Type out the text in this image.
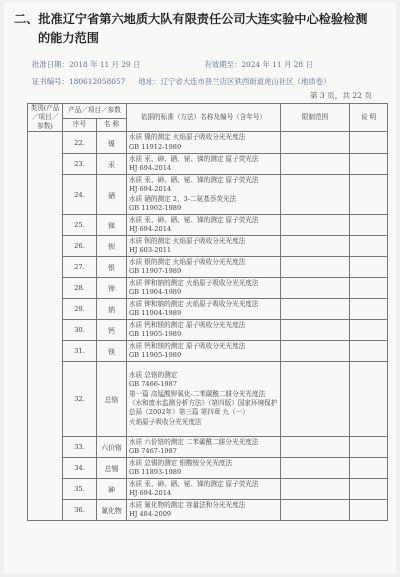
二、批准辽宁省第六地质大队有限责任公司大连实验中心检验检测
的能力范围
批准日期：2018 年 11 月 29 日	有效期至：2024 年 11 月 28 日
证书编号：180612058057 地址：辽宁省大连市普兰店区铁西街道虎山社区（地质卷）
第 3 页，共 22 页
类别(产品／项目／参数)	产品／项目／参数		依据的标准（方法）名称及编号（含年号）	限制范围	说 明
	序号	名 称			
	22.	镍	水质 镍的测定 火焰原子吸收分光光度法
GB 11912-1989		

	23.	汞	水质 汞、砷、硒、铋、锑的测定 原子荧光法
HJ 694-2014		

	24.	硒	水质 汞、砷、硒、铋、锑的测定 原子荧光法
HJ 694-2014
水质 硒的测定 2，3-二氨基萘荧光法
GB 11902-1989		

	25.	锑	水质 汞、砷、硒、铋、锑的测定 原子荧光法
HJ 694-2014		

	26.	钡	水质 钡的测定 火焰原子吸收分光光度法
HJ 603-2011		

	27.	银	水质 银的测定 火焰原子吸收分光光度法
GB 11907-1989		

	28.	钾	水质 钾和钠的测定 火焰原子吸收分光光度法
GB 11904-1989		

	29.	钠	水质 钾和钠的测定 火焰原子吸收分光光度法
GB 11904-1989		

	30.	钙	水质 钙和镁的测定 原子吸收分光光度法
GB 11905-1989		

	31.	镁	水质 钙和镁的测定 原子吸收分光光度法
GB 11905-1989		

	32.	总铬	水质 总铬的测定
GB 7466-1987
第一篇 高锰酸钾氧化-二苯碳酰二肼分光光度法
《水和废水监测分析方法》（第四版）国家环境保护总局（2002年）第三篇 第四章 九（一）
火焰原子吸收分光光度法		

	33.	六价铬	水质 六价铬的测定 二苯碳酰二肼分光光度法
GB 7467-1987		

	34.	总锡	水质 总锡的测定 钼酸铵分光光度法
GB 11893-1989		

	35.	砷	水质 汞、砷、硒、铋、锑的测定 原子荧光法
HJ 694-2014		

	36.	氰化物	水质 氰化物的测定 容量法和分光光度法
HJ 484-2009		
